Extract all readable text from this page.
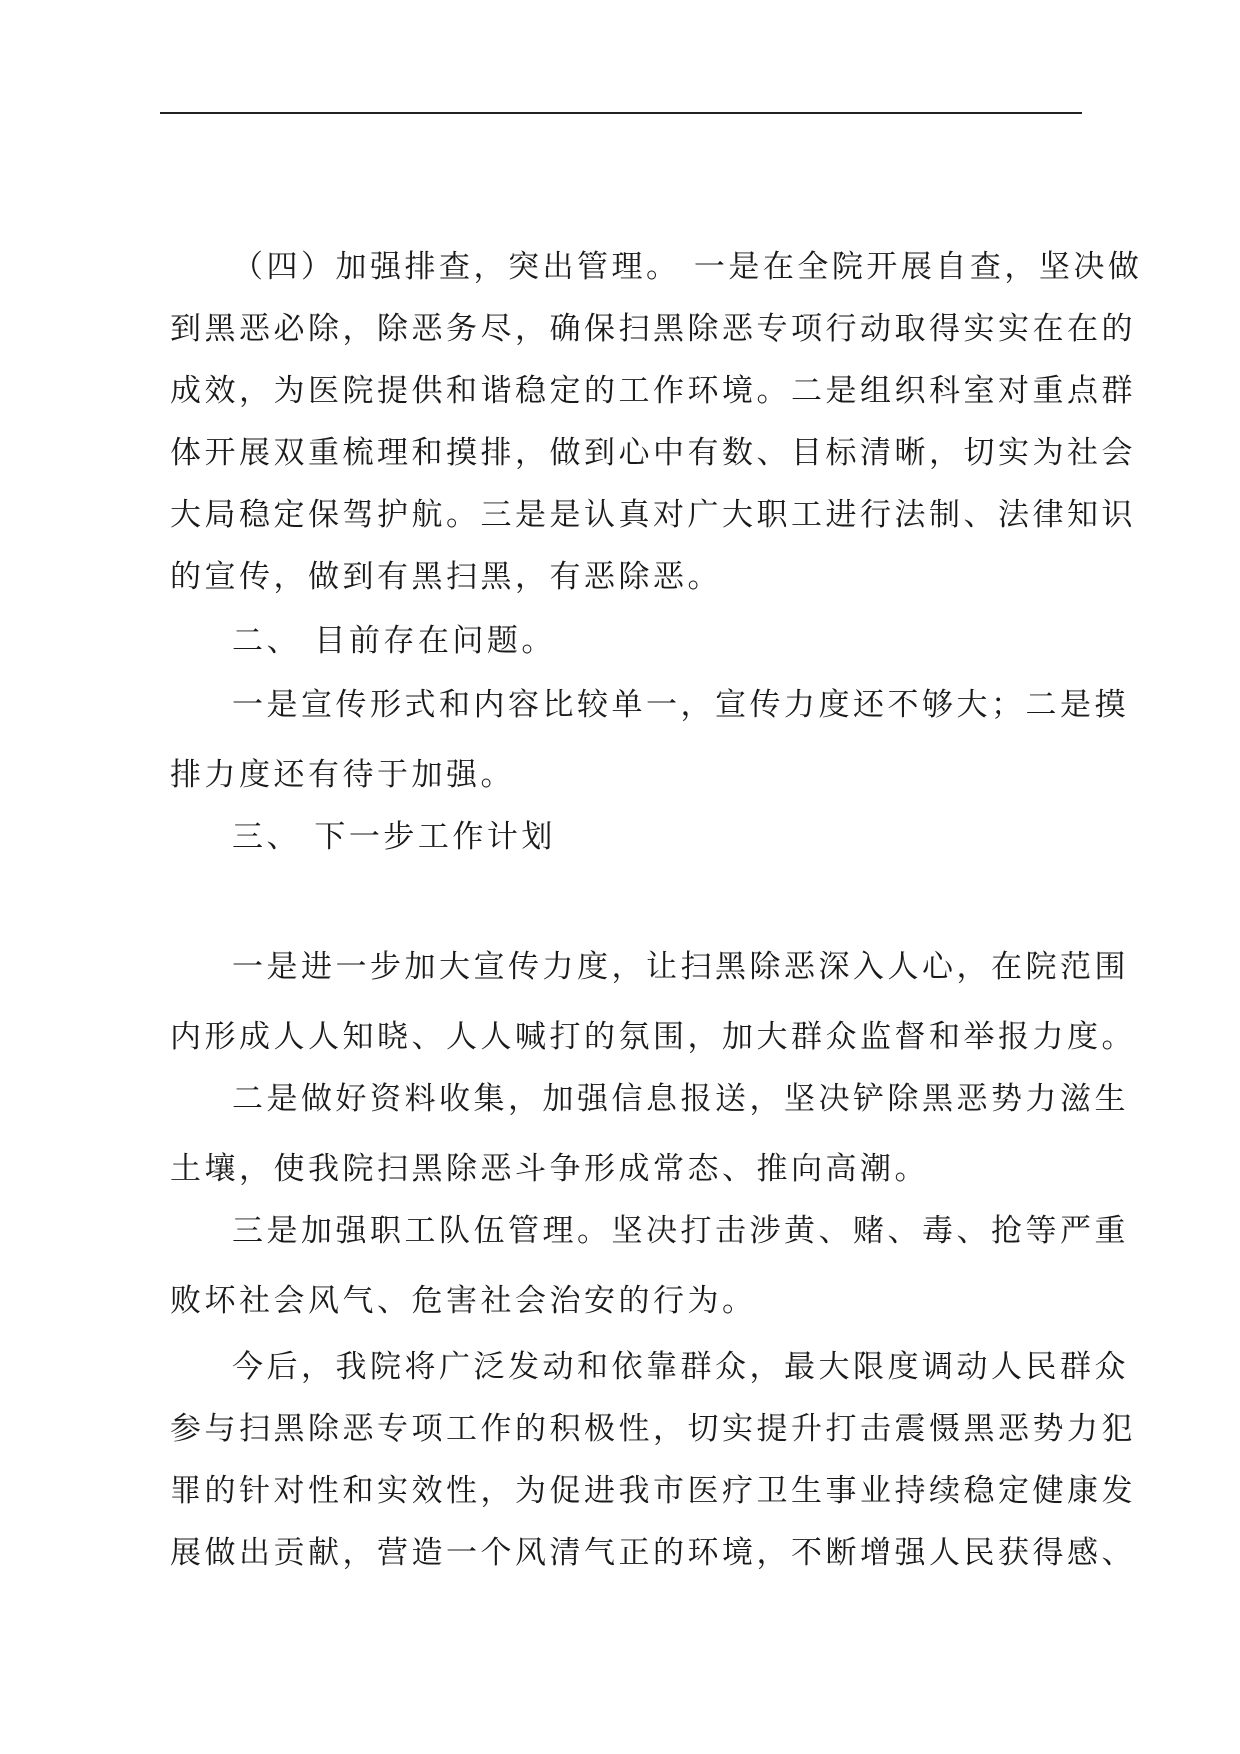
（四）加强排查，突出管理。 一是在全院开展自查，坚决做
到黑恶必除，除恶务尽，确保扫黑除恶专项行动取得实实在在的
成效，为医院提供和谐稳定的工作环境。二是组织科室对重点群
体开展双重梳理和摸排，做到心中有数、目标清晰，切实为社会
大局稳定保驾护航。三是是认真对广大职工进行法制、法律知识
的宣传，做到有黑扫黑，有恶除恶。
二、 目前存在问题。
一是宣传形式和内容比较单一，宣传力度还不够大；二是摸
排力度还有待于加强。
三、 下一步工作计划
一是进一步加大宣传力度，让扫黑除恶深入人心，在院范围
内形成人人知晓、人人喊打的氛围，加大群众监督和举报力度。
二是做好资料收集，加强信息报送，坚决铲除黑恶势力滋生
土壤，使我院扫黑除恶斗争形成常态、推向高潮。
三是加强职工队伍管理。坚决打击涉黄、赌、毒、抢等严重
败坏社会风气、危害社会治安的行为。
今后，我院将广泛发动和依靠群众，最大限度调动人民群众
参与扫黑除恶专项工作的积极性，切实提升打击震慑黑恶势力犯
罪的针对性和实效性，为促进我市医疗卫生事业持续稳定健康发
展做出贡献，营造一个风清气正的环境，不断增强人民获得感、
